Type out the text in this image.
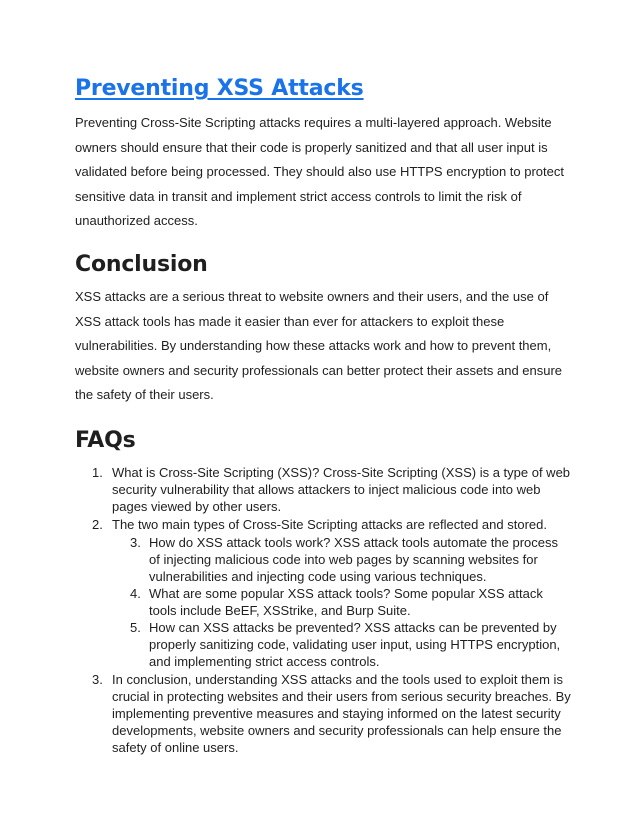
Preventing XSS Attacks

Preventing Cross-Site Scripting attacks requires a multi-layered approach. Website owners should ensure that their code is properly sanitized and that all user input is validated before being processed. They should also use HTTPS encryption to protect sensitive data in transit and implement strict access controls to limit the risk of unauthorized access.

Conclusion

XSS attacks are a serious threat to website owners and their users, and the use of XSS attack tools has made it easier than ever for attackers to exploit these vulnerabilities. By understanding how these attacks work and how to prevent them, website owners and security professionals can better protect their assets and ensure the safety of their users.

FAQs
1. What is Cross-Site Scripting (XSS)? Cross-Site Scripting (XSS) is a type of web security vulnerability that allows attackers to inject malicious code into web pages viewed by other users.
2. The two main types of Cross-Site Scripting attacks are reflected and stored.
3. How do XSS attack tools work? XSS attack tools automate the process of injecting malicious code into web pages by scanning websites for vulnerabilities and injecting code using various techniques.
4. What are some popular XSS attack tools? Some popular XSS attack tools include BeEF, XSStrike, and Burp Suite.
5. How can XSS attacks be prevented? XSS attacks can be prevented by properly sanitizing code, validating user input, using HTTPS encryption, and implementing strict access controls.
3. In conclusion, understanding XSS attacks and the tools used to exploit them is crucial in protecting websites and their users from serious security breaches. By implementing preventive measures and staying informed on the latest security developments, website owners and security professionals can help ensure the safety of online users.
